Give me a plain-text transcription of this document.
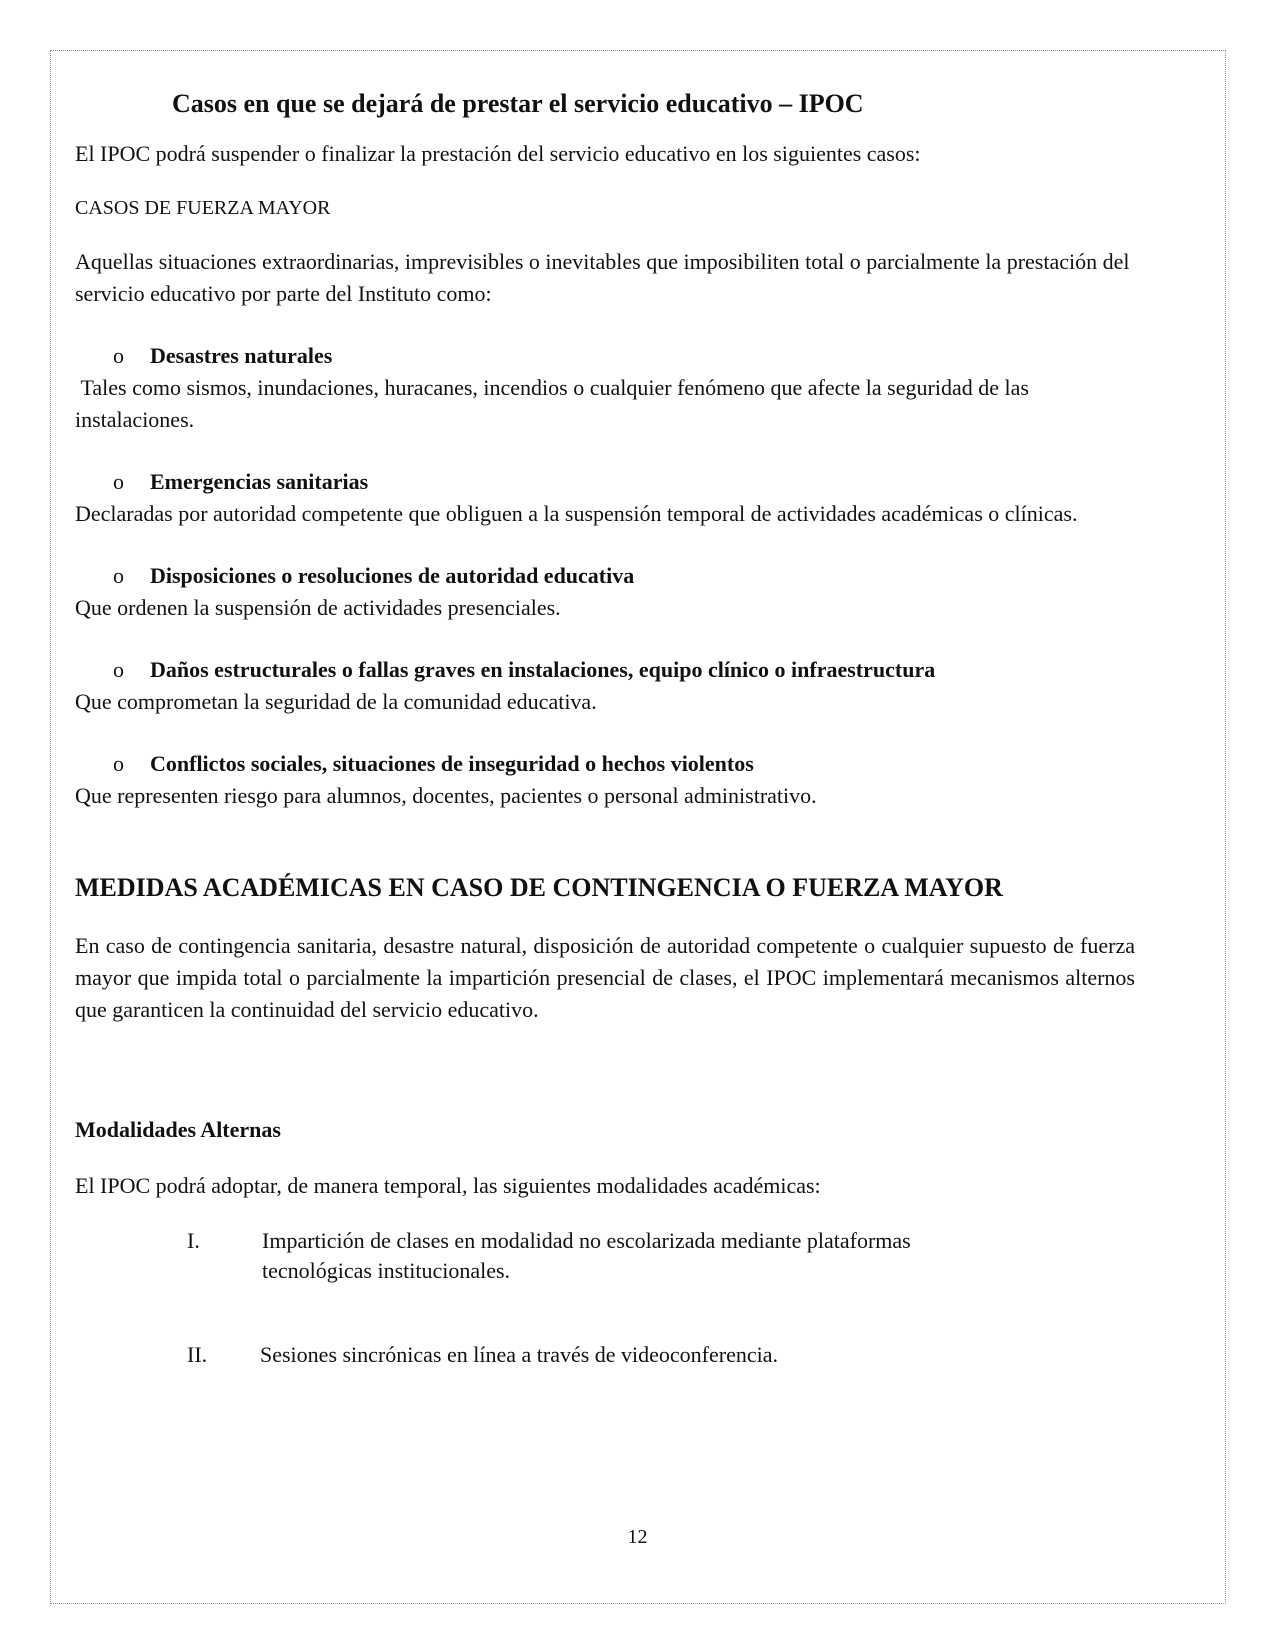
Casos en que se dejará de prestar el servicio educativo – IPOC

El IPOC podrá suspender o finalizar la prestación del servicio educativo en los siguientes casos:

CASOS DE FUERZA MAYOR

Aquellas situaciones extraordinarias, imprevisibles o inevitables que imposibiliten total o parcialmente la prestación del servicio educativo por parte del Instituto como:

o	Desastres naturales
Tales como sismos, inundaciones, huracanes, incendios o cualquier fenómeno que afecte la seguridad de las instalaciones.
o	Emergencias sanitarias
Declaradas por autoridad competente que obliguen a la suspensión temporal de actividades académicas o clínicas.
o	Disposiciones o resoluciones de autoridad educativa
Que ordenen la suspensión de actividades presenciales.
o	Daños estructurales o fallas graves en instalaciones, equipo clínico o infraestructura
Que comprometan la seguridad de la comunidad educativa.
o	Conflictos sociales, situaciones de inseguridad o hechos violentos
Que representen riesgo para alumnos, docentes, pacientes o personal administrativo.
MEDIDAS ACADÉMICAS EN CASO DE CONTINGENCIA O FUERZA MAYOR

En caso de contingencia sanitaria, desastre natural, disposición de autoridad competente o cualquier supuesto de fuerza mayor que impida total o parcialmente la impartición presencial de clases, el IPOC implementará mecanismos alternos que garanticen la continuidad del servicio educativo.

Modalidades Alternas

El IPOC podrá adoptar, de manera temporal, las siguientes modalidades académicas:

I.	Impartición de clases en modalidad no escolarizada mediante plataformas tecnológicas institucionales.
II.	Sesiones sincrónicas en línea a través de videoconferencia.
12
